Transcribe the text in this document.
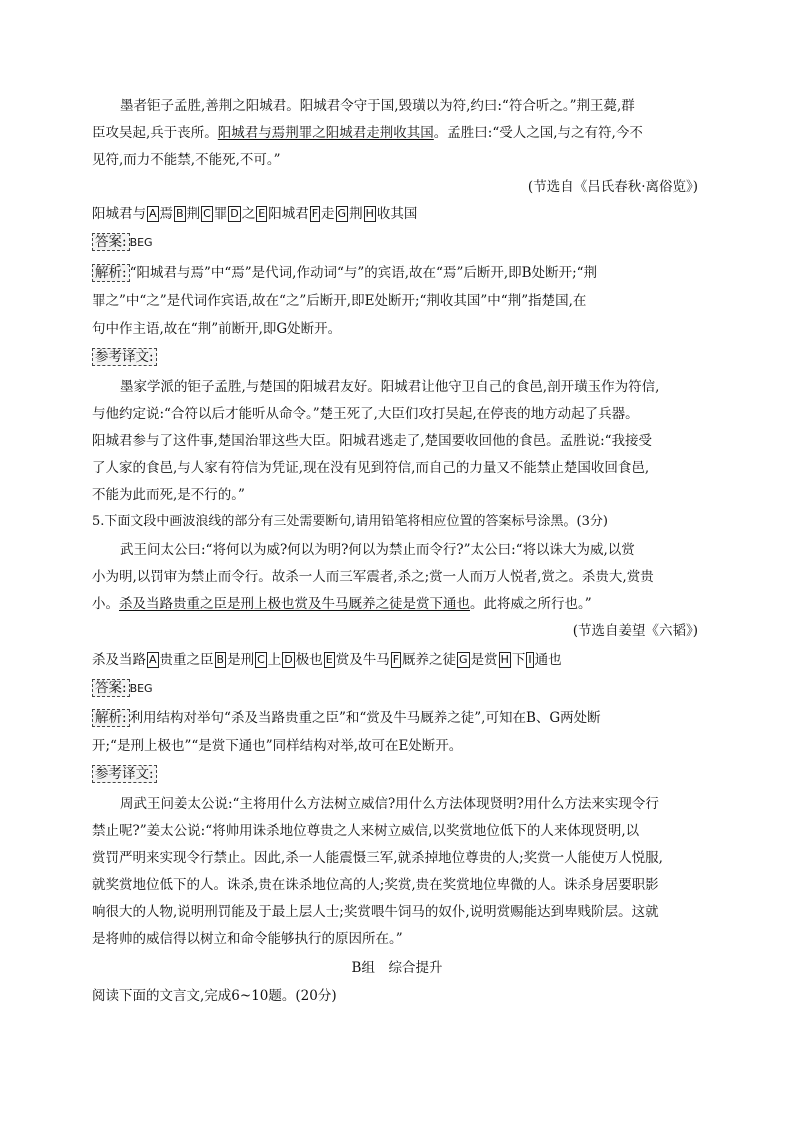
墨者钜子孟胜,善荆之阳城君。阳城君令守于国,毁璜以为符,约曰:“符合听之。”荆王薨,群
臣攻吴起,兵于丧所。阳城君与焉荆罪之阳城君走荆收其国。孟胜曰:“受人之国,与之有符,今不
见符,而力不能禁,不能死,不可。”
(节选自《吕氏春秋·离俗览》)
阳城君与 A 焉 B 荆 C 罪 D 之 E 阳城君 F 走 G 荆 H 收其国
答案: BEG
解析: “阳城君与焉”中“焉”是代词,作动词“与”的宾语,故在“焉”后断开,即B处断开;“荆
罪之”中“之”是代词作宾语,故在“之”后断开,即E处断开;“荆收其国”中“荆”指楚国,在
句中作主语,故在“荆”前断开,即G处断开。
参考译文:
墨家学派的钜子孟胜,与楚国的阳城君友好。阳城君让他守卫自己的食邑,剖开璜玉作为符信,
与他约定说:“合符以后才能听从命令。”楚王死了,大臣们攻打吴起,在停丧的地方动起了兵器。
阳城君参与了这件事,楚国治罪这些大臣。阳城君逃走了,楚国要收回他的食邑。孟胜说:“我接受
了人家的食邑,与人家有符信为凭证,现在没有见到符信,而自己的力量又不能禁止楚国收回食邑,
不能为此而死,是不行的。”
5.下面文段中画波浪线的部分有三处需要断句,请用铅笔将相应位置的答案标号涂黑。(3分)
武王问太公曰:“将何以为威?何以为明?何以为禁止而令行?”太公曰:“将以诛大为威,以赏
小为明,以罚审为禁止而令行。故杀一人而三军震者,杀之;赏一人而万人悦者,赏之。杀贵大,赏贵
小。杀及当路贵重之臣是刑上极也赏及牛马厩养之徒是赏下通也。此将威之所行也。”
(节选自姜望《六韬》)
杀及当路 A 贵重之臣 B 是刑 C 上 D 极也 E 赏及牛马 F 厩养之徒 G 是赏 H 下 I 通也
答案: BEG
解析: 利用结构对举句“杀及当路贵重之臣”和“赏及牛马厩养之徒”,可知在B、G两处断
开;“是刑上极也”“是赏下通也”同样结构对举,故可在E处断开。
参考译文:
周武王问姜太公说:“主将用什么方法树立威信?用什么方法体现贤明?用什么方法来实现令行
禁止呢?”姜太公说:“将帅用诛杀地位尊贵之人来树立威信,以奖赏地位低下的人来体现贤明,以
赏罚严明来实现令行禁止。因此,杀一人能震慑三军,就杀掉地位尊贵的人;奖赏一人能使万人悦服,
就奖赏地位低下的人。诛杀,贵在诛杀地位高的人;奖赏,贵在奖赏地位卑微的人。诛杀身居要职影
响很大的人物,说明刑罚能及于最上层人士;奖赏喂牛饲马的奴仆,说明赏赐能达到卑贱阶层。这就
是将帅的威信得以树立和命令能够执行的原因所在。”
B组　综合提升
阅读下面的文言文,完成6~10题。(20分)
